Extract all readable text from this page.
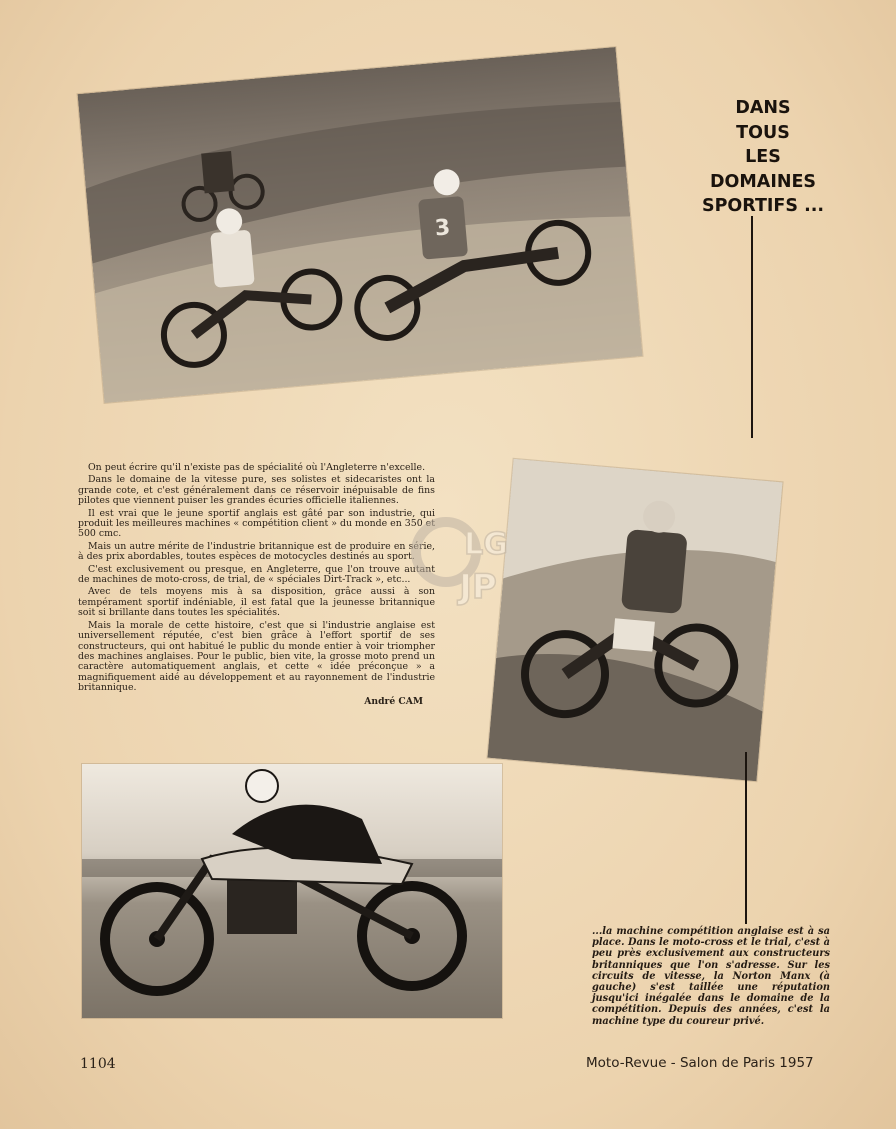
3
DANS
TOUS
LES
DOMAINES
SPORTIFS ...

On peut écrire qu'il n'existe pas de spécialité où l'Angleterre n'excelle.

Dans le domaine de la vitesse pure, ses solistes et sidecaristes ont la grande cote, et c'est généralement dans ce réservoir inépuisable de fins pilotes que viennent puiser les grandes écuries officielle italiennes.

Il est vrai que le jeune sportif anglais est gâté par son industrie, qui produit les meilleures machines « compétition client » du monde en 350 et 500 cmc.

Mais un autre mérite de l'industrie britannique est de produire en série, à des prix abordables, toutes espèces de motocycles destinés au sport.

C'est exclusivement ou presque, en Angleterre, que l'on trouve autant de machines de moto-cross, de trial, de « spéciales Dirt-Track », etc...

Avec de tels moyens mis à sa disposition, grâce aussi à son tempérament sportif indéniable, il est fatal que la jeunesse britannique soit si brillante dans toutes les spécialités.

Mais la morale de cette histoire, c'est que si l'industrie anglaise est universellement réputée, c'est bien grâce à l'effort sportif de ses constructeurs, qui ont habitué le public du monde entier à voir triompher des machines anglaises. Pour le public, bien vite, la grosse moto prend un caractère automatiquement anglais, et cette « idée préconçue » a magnifiquement aidé au développement et au rayonnement de l'industrie britannique.

André CAM
LG
JP
...la machine compétition anglaise est à sa place. Dans le moto-cross et le trial, c'est à peu près exclusivement aux constructeurs britanniques que l'on s'adresse. Sur les circuits de vitesse, la Norton Manx (à gauche) s'est taillée une réputation jusqu'ici inégalée dans le domaine de la compétition. Depuis des années, c'est la machine type du coureur privé.
1104	Moto-Revue - Salon de Paris 1957
